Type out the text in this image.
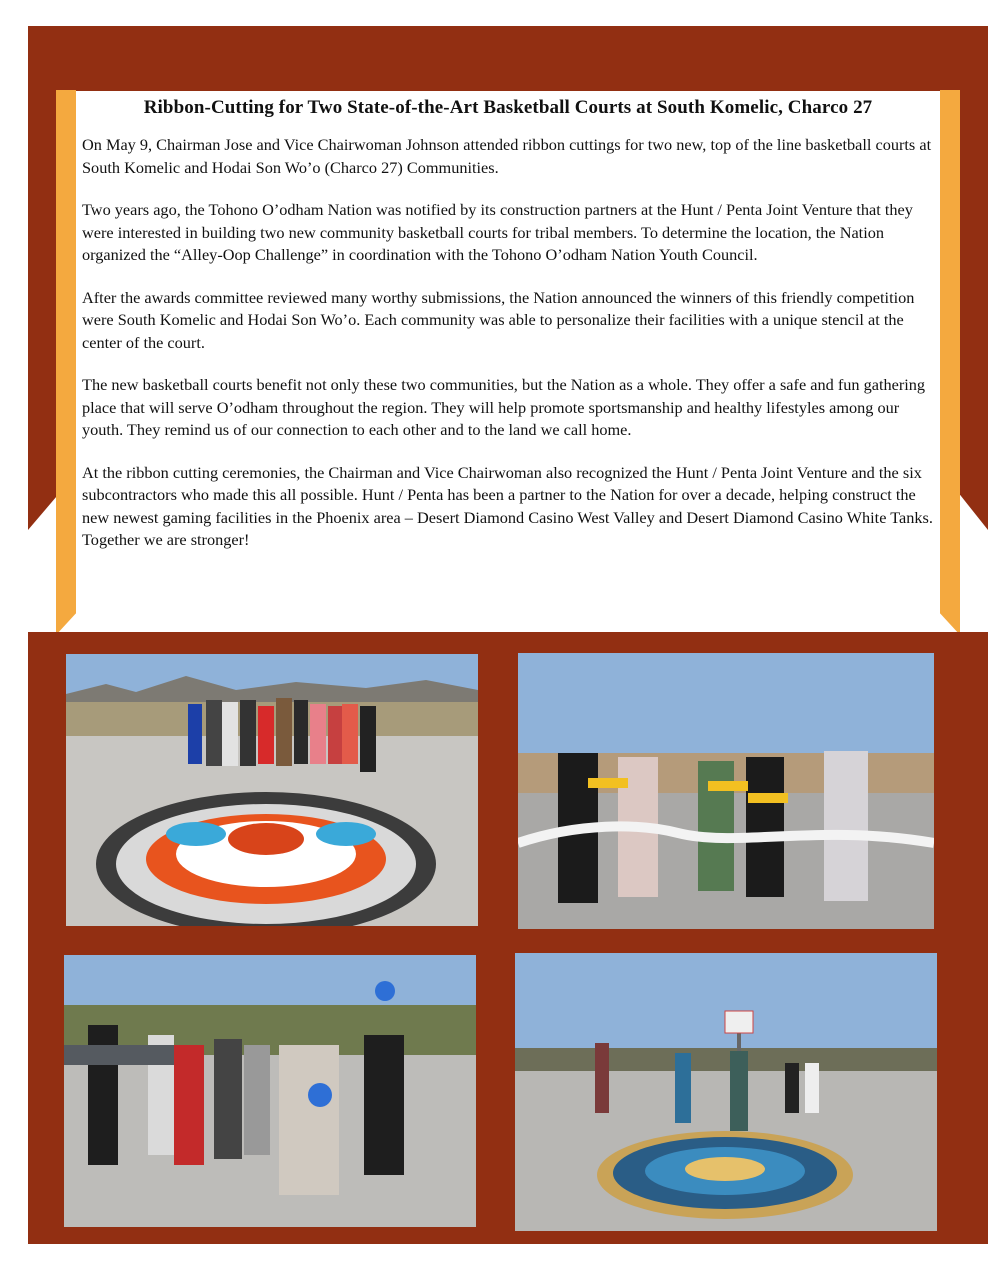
Ribbon-Cutting for Two State-of-the-Art Basketball Courts at South Komelic, Charco 27

On May 9, Chairman Jose and Vice Chairwoman Johnson attended ribbon cuttings for two new, top of the line basketball courts at South Komelic and Hodai Son Wo’o (Charco 27) Communities.

Two years ago, the Tohono O’odham Nation was notified by its construction partners at the Hunt / Penta Joint Venture that they were interested in building two new community basketball courts for tribal members. To determine the location, the Nation organized the “Alley-Oop Challenge” in coordination with the Tohono O’odham Nation Youth Council.

After the awards committee reviewed many worthy submissions, the Nation announced the winners of this friendly competition were South Komelic and Hodai Son Wo’o. Each community was able to personalize their facilities with a unique stencil at the center of the court.

The new basketball courts benefit not only these two communities, but the Nation as a whole. They offer a safe and fun gathering place that will serve O’odham throughout the region. They will help promote sportsmanship and healthy lifestyles among our youth. They remind us of our connection to each other and to the land we call home.

At the ribbon cutting ceremonies, the Chairman and Vice Chairwoman also recognized the Hunt / Penta Joint Venture and the six subcontractors who made this all possible. Hunt / Penta has been a partner to the Nation for over a decade, helping construct the new newest gaming facilities in the Phoenix area – Desert Diamond Casino West Valley and Desert Diamond Casino White Tanks. Together we are stronger!
